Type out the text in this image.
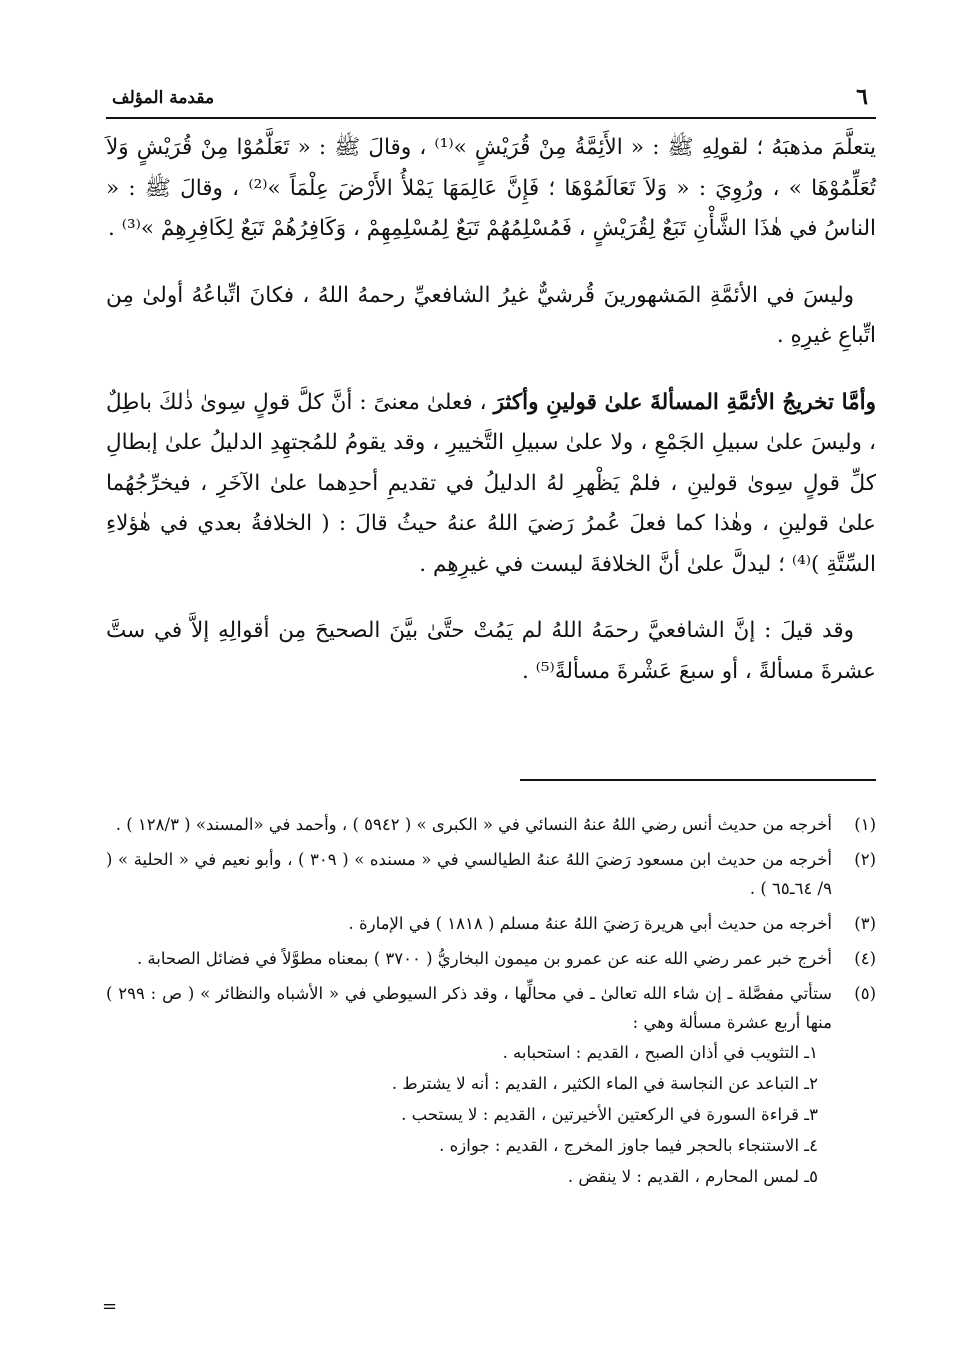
٦
مقدمة المؤلف

يتعلَّمَ مذهبَهُ ؛ لقولِهِ ﷺ : « الأَئِمَّةُ مِنْ قُرَيْشٍ »⁽¹⁾ ، وقالَ ﷺ : « تَعَلَّمُوْا مِنْ قُرَيْشٍ وَلاَ تُعَلِّمُوْهَا » ، ورُوِيَ : « وَلاَ تَعَالَمُوْهَا ؛ فَإِنَّ عَالِمَهَا يَمْلأُ الأَرْضَ عِلْمَاً »⁽²⁾ ، وقالَ ﷺ : « الناسُ في هٰذَا الشَّأْنِ تَبَعٌ لِقُرَيْشٍ ، فَمُسْلِمُهُمْ تَبَعٌ لِمُسْلِمِهِمْ ، وَكَافِرُهُمْ تَبَعٌ لِكَافِرِهِمْ »⁽³⁾ .

وليسَ في الأئمَّةِ المَشهورينَ قُرشيٌّ غيرُ الشافعيِّ رحمهُ اللهُ ، فكانَ اتِّباعُهُ أولىٰ مِن اتِّباعِ غيرِهِ .

وأمَّا تخريجُ الأئمَّةِ المسألةَ علىٰ قولينِ وأكثرَ ، فعلىٰ معنىً : أنَّ كلَّ قولٍ سِوىٰ ذٰلكَ باطِلٌ ، وليسَ علىٰ سبيلِ الجَمْعِ ، ولا علىٰ سبيلِ التَّخييرِ ، وقد يقومُ للمُجتهِدِ الدليلُ علىٰ إبطالِ كلِّ قولٍ سِوىٰ قولينِ ، فلمْ يَظْهرِ لهُ الدليلُ في تقديمِ أحدِهما علىٰ الآخَرِ ، فيخرِّجُهُما علىٰ قولينِ ، وهٰذا كما فعلَ عُمرُ رَضيَ اللهُ عنهُ حيثُ قالَ : ( الخلافةُ بعدي في هٰؤلاءِ السِّتَّةِ )⁽⁴⁾ ؛ ليدلَّ علىٰ أنَّ الخلافةَ ليست في غيرِهِم .

وقد قيلَ : إنَّ الشافعيَّ رحمَهُ اللهُ لم يَمُتْ حتَّىٰ بيَّنَ الصحيحَ مِن أقوالِهِ إلاَّ في ستَّ عشرةَ مسألةً ، أو سبعَ عَشْرةَ مسألةً⁽⁵⁾ .

(١)
أخرجه من حديث أنس رضي اللهُ عنهُ النسائي في « الكبرى » ( ٥٩٤٢ ) ، وأحمد في «المسند» ( ١٢٨/٣ ) .
(٢)
أخرجه من حديث ابن مسعود رَضيَ اللهُ عنهُ الطيالسي في « مسنده » ( ٣٠٩ ) ، وأبو نعيم في « الحلية » ( ٩/ ٦٤ـ٦٥ ) .
(٣)
أخرجه من حديث أبي هريرة رَضيَ اللهُ عنهُ مسلم ( ١٨١٨ ) في الإمارة .
(٤)
أخرج خبر عمر رضي الله عنه عن عمرو بن ميمون البخاريُّ ( ٣٧٠٠ ) بمعناه مطوَّلاً في فضائل الصحابة .
(٥)
ستأتي مفصَّلة ـ إن شاء الله تعالىٰ ـ في محالِّها ، وقد ذكر السيوطي في « الأشباه والنظائر » ( ص : ٢٩٩ ) منها أربع عشرة مسألة وهي :
١ـ التثويب في أذان الصبح ، القديم : استحبابه .
٢ـ التباعد عن النجاسة في الماء الكثير ، القديم : أنه لا يشترط .
٣ـ قراءة السورة في الركعتين الأخيرتين ، القديم : لا يستحب .
٤ـ الاستنجاء بالحجر فيما جاوز المخرج ، القديم : جوازه .
٥ـ لمس المحارم ، القديم : لا ينقض .
=
